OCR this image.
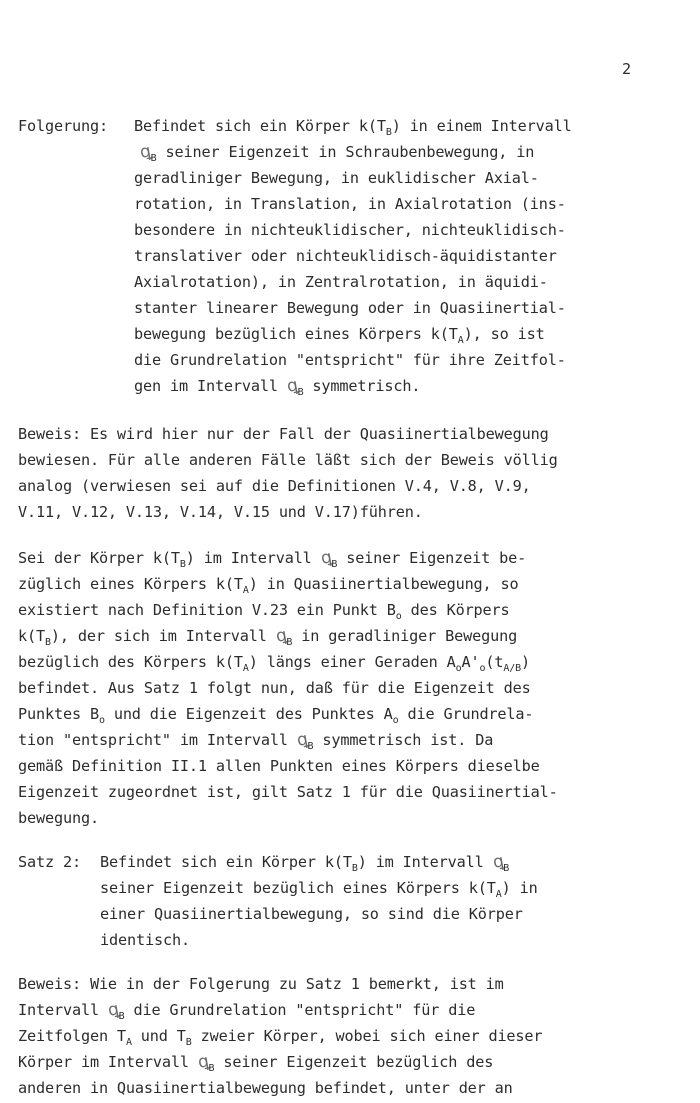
2
Folgerung: Befindet sich ein Körper $k(T_B)$ in einem Intervall
ꝗ$_B$ seiner Eigenzeit in Schraubenbewegung, in
geradliniger Bewegung, in euklidischer Axial-
rotation, in Translation, in Axialrotation (ins-
besondere in nichteuklidischer, nichteuklidisch-
translativer oder nichteuklidisch-äquidistanter
Axialrotation), in Zentralrotation, in äquidi-
stanter linearer Bewegung oder in Quasiinertial-
bewegung bezüglich eines Körpers $k(T_A)$, so ist
die Grundrelation "entspricht" für ihre Zeitfol-
gen im Intervall ꝗ$_B$ symmetrisch.
Beweis: Es wird hier nur der Fall der Quasiinertialbewegung
bewiesen. Für alle anderen Fälle läßt sich der Beweis völlig
analog (verwiesen sei auf die Definitionen V.4, V.8, V.9,
V.11, V.12, V.13, V.14, V.15 und V.17)führen.
Sei der Körper $k(T_B)$ im Intervall ꝗ$_B$ seiner Eigenzeit be-
züglich eines Körpers $k(T_A)$ in Quasiinertialbewegung, so
existiert nach Definition V.23 ein Punkt $B_o$ des Körpers
$k(T_B)$, der sich im Intervall ꝗ$_B$ in geradliniger Bewegung
bezüglich des Körpers $k(T_A)$ längs einer Geraden $A_oA'_o(t_{A/B})$
befindet. Aus Satz 1 folgt nun, daß für die Eigenzeit des
Punktes $B_o$ und die Eigenzeit des Punktes $A_o$ die Grundrela-
tion "entspricht" im Intervall ꝗ$_B$ symmetrisch ist. Da
gemäß Definition II.1 allen Punkten eines Körpers dieselbe
Eigenzeit zugeordnet ist, gilt Satz 1 für die Quasiinertial-
bewegung.
Satz 2: Befindet sich ein Körper $k(T_B)$ im Intervall ꝗ$_B$
seiner Eigenzeit bezüglich eines Körpers $k(T_A)$ in
einer Quasiinertialbewegung, so sind die Körper
identisch.
Beweis: Wie in der Folgerung zu Satz 1 bemerkt, ist im
Intervall ꝗ$_B$ die Grundrelation "entspricht" für die
Zeitfolgen $T_A$ und $T_B$ zweier Körper, wobei sich einer dieser
Körper im Intervall ꝗ$_B$ seiner Eigenzeit bezüglich des
anderen in Quasiinertialbewegung befindet, unter der an
